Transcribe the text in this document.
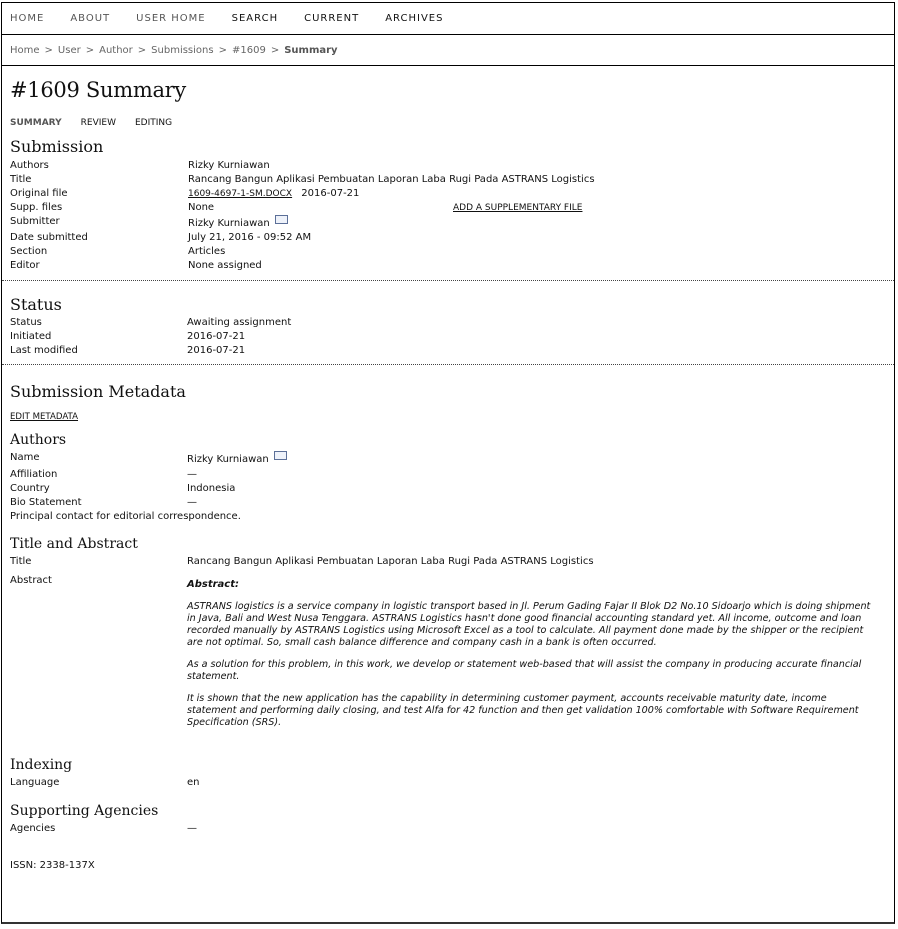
HOME	ABOUT	USER HOME	SEARCH	CURRENT	ARCHIVES
Home > User > Author > Submissions > #1609 > Summary
#1609 Summary
SUMMARY REVIEW EDITING
Submission
Authors	Rizky Kurniawan
Title	Rancang Bangun Aplikasi Pembuatan Laporan Laba Rugi Pada ASTRANS Logistics
Original file	1609-4697-1-SM.DOCX 2016-07-21
Supp. files	None	ADD A SUPPLEMENTARY FILE
Submitter	Rizky Kurniawan
Date submitted	July 21, 2016 - 09:52 AM
Section	Articles
Editor	None assigned
Status
Status	Awaiting assignment
Initiated	2016-07-21
Last modified	2016-07-21
Submission Metadata
EDIT METADATA
Authors
Name	Rizky Kurniawan
Affiliation	—
Country	Indonesia
Bio Statement	—
Principal contact for editorial correspondence.
Title and Abstract
Title	Rancang Bangun Aplikasi Pembuatan Laporan Laba Rugi Pada ASTRANS Logistics
Abstract	Abstract:

ASTRANS logistics is a service company in logistic transport based in Jl. Perum Gading Fajar II Blok D2 No.10 Sidoarjo which is doing shipment in Java, Bali and West Nusa Tenggara. ASTRANS Logistics hasn't done good financial accounting standard yet. All income, outcome and loan recorded manually by ASTRANS Logistics using Microsoft Excel as a tool to calculate. All payment done made by the shipper or the recipient are not optimal. So, small cash balance difference and company cash in a bank is often occurred.

As a solution for this problem, in this work, we develop or statement web-based that will assist the company in producing accurate financial statement.

It is shown that the new application has the capability in determining customer payment, accounts receivable maturity date, income statement and performing daily closing, and test Alfa for 42 function and then get validation 100% comfortable with Software Requirement Specification (SRS).

Indexing
Language	en
Supporting Agencies
Agencies	—
ISSN: 2338-137X
